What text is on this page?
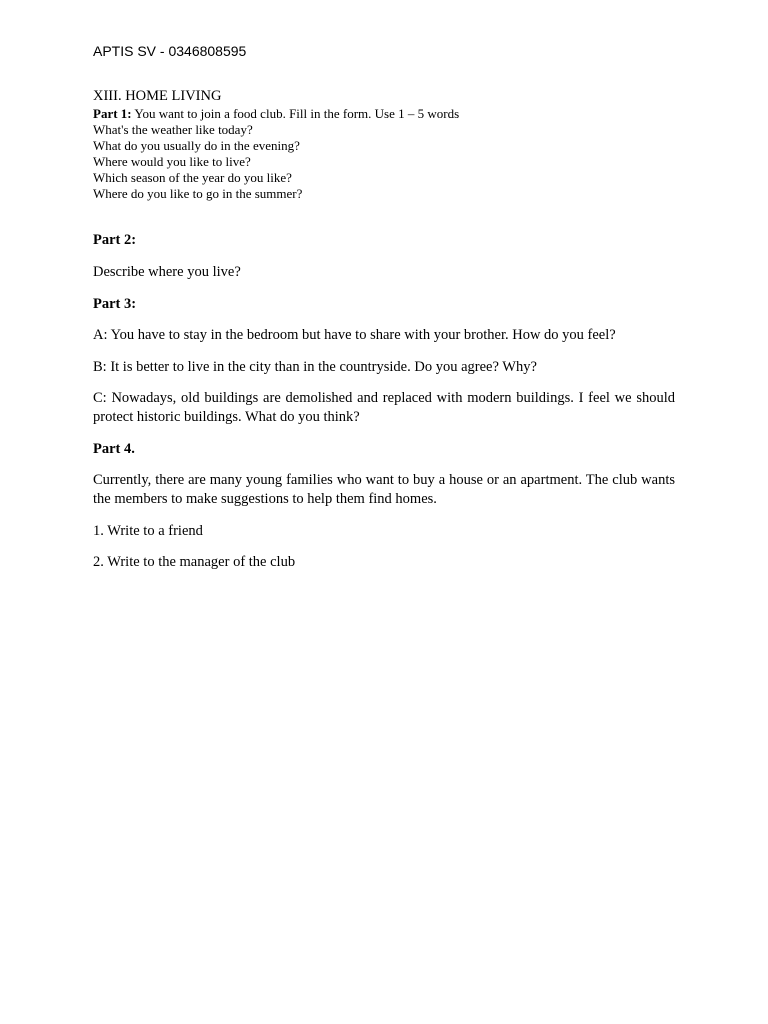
APTIS SV - 0346808595
XIII. HOME LIVING
Part 1: You want to join a food club. Fill in the form. Use 1 – 5 words
What's the weather like today?
What do you usually do in the evening?
Where would you like to live?
Which season of the year do you like?
Where do you like to go in the summer?
Part 2:
Describe where you live?
Part 3:
A: You have to stay in the bedroom but have to share with your brother. How do you feel?
B: It is better to live in the city than in the countryside. Do you agree? Why?
C: Nowadays, old buildings are demolished and replaced with modern buildings. I feel we should protect historic buildings. What do you think?
Part 4.
Currently, there are many young families who want to buy a house or an apartment. The club wants the members to make suggestions to help them find homes.
1. Write to a friend
2. Write to the manager of the club
